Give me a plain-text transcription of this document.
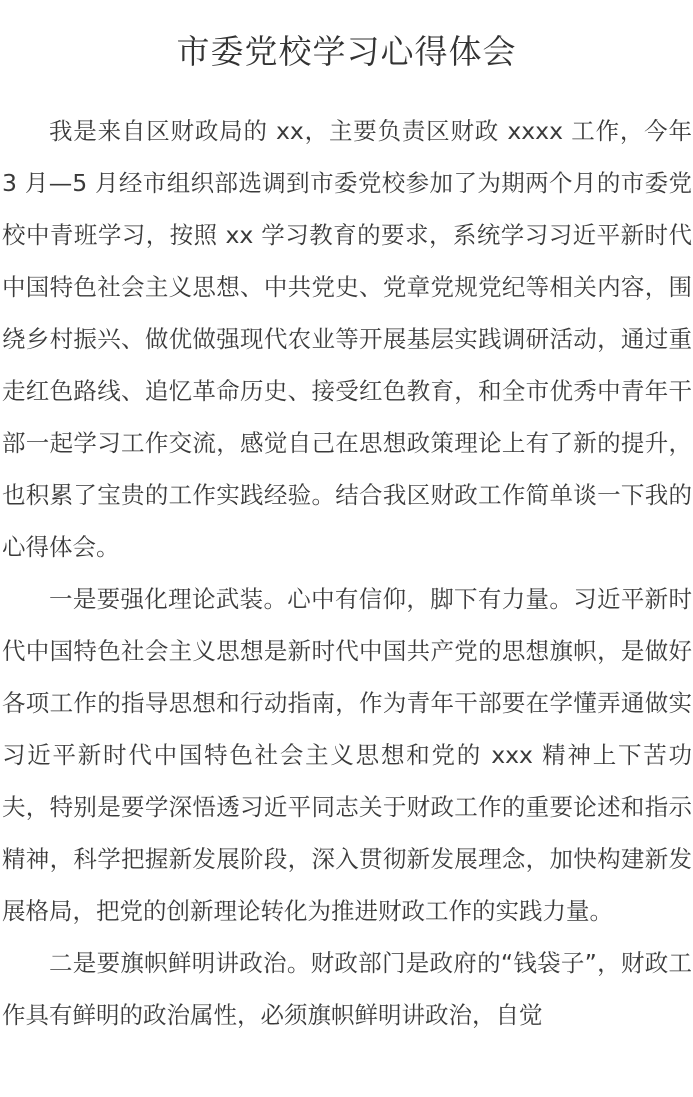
市委党校学习心得体会

我是来自区财政局的 xx，主要负责区财政 xxxx 工作，今年 3 月—5 月经市组织部选调到市委党校参加了为期两个月的市委党校中青班学习，按照 xx 学习教育的要求，系统学习习近平新时代中国特色社会主义思想、中共党史、党章党规党纪等相关内容，围绕乡村振兴、做优做强现代农业等开展基层实践调研活动，通过重走红色路线、追忆革命历史、接受红色教育，和全市优秀中青年干部一起学习工作交流，感觉自己在思想政策理论上有了新的提升，也积累了宝贵的工作实践经验。结合我区财政工作简单谈一下我的心得体会。

一是要强化理论武装。心中有信仰，脚下有力量。习近平新时代中国特色社会主义思想是新时代中国共产党的思想旗帜，是做好各项工作的指导思想和行动指南，作为青年干部要在学懂弄通做实习近平新时代中国特色社会主义思想和党的 xxx 精神上下苦功夫，特别是要学深悟透习近平同志关于财政工作的重要论述和指示精神，科学把握新发展阶段，深入贯彻新发展理念，加快构建新发展格局，把党的创新理论转化为推进财政工作的实践力量。

二是要旗帜鲜明讲政治。财政部门是政府的“钱袋子”，财政工作具有鲜明的政治属性，必须旗帜鲜明讲政治，自觉
